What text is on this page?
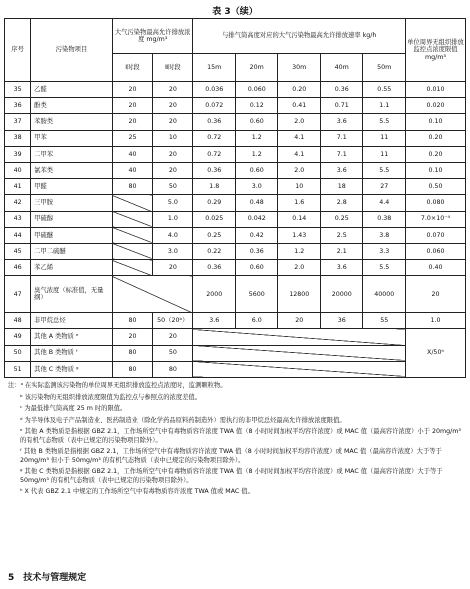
表 3（续）
序号	污染物项目	大气污染物最高允许排放浓度 mg/m³		与排气筒高度对应的大气污染物最高允许排放速率 kg/h					单位周界无组织排放监控点浓度限值 mg/m³
		Ⅰ时段	Ⅱ时段	15m	20m	30m	40m	50m	
35	乙醛	20	20	0.036	0.060	0.20	0.36	0.55	0.010
36	酚类	20	20	0.072	0.12	0.41	0.71	1.1	0.020
37	苯胺类	20	20	0.36	0.60	2.0	3.6	5.5	0.10
38	甲苯	25	10	0.72	1.2	4.1	7.1	11	0.20
39	二甲苯	40	20	0.72	1.2	4.1	7.1	11	0.20
40	氯苯类	40	20	0.36	0.60	2.0	3.6	5.5	0.10
41	甲醛	80	50	1.8	3.0	10	18	27	0.50
42	三甲胺		5.0	0.29	0.48	1.6	2.8	4.4	0.080
43	甲硫醇		1.0	0.025	0.042	0.14	0.25	0.38	7.0×10⁻⁴
44	甲硫醚		4.0	0.25	0.42	1.43	2.5	3.8	0.070
45	二甲二硫醚		3.0	0.22	0.36	1.2	2.1	3.3	0.060
46	苯乙烯		20	0.36	0.60	2.0	3.6	5.5	0.40
47	臭气浓度（标准值，无量纲）			2000	5600	12800	20000	40000	20
48	非甲烷总烃	80	50（20ᵇ）	3.6	6.0	20	36	55	1.0
49	其他 A 类物质 ᵉ	20	20						X/50ʰ
50	其他 B 类物质 ᶠ	80	50						
51	其他 C 类物质 ᵍ	80	80						

注：ᵃ 在实际监测该污染物的单位周界无组织排放监控点浓度时，监测颗粒物。

ᵇ 该污染物的无组织排放浓度限值为监控点与参照点的浓度差值。

ᶜ 为最低排气筒高度 25 m 时的限值。

ᵈ 为半导体及电子产品制造业、医药制造业（除化学药品原料药制造外）需执行的非甲烷总烃最高允许排放浓度限值。

ᵉ 其他 A 类物质是指根据 GBZ 2.1，工作场所空气中有毒物质容许浓度 TWA 值（8 小时时间加权平均容许浓度）或 MAC 值（最高容许浓度）小于 20mg/m³ 的有机气态物质（表中已规定的污染物项目除外）。

ᶠ 其他 B 类物质是指根据 GBZ 2.1，工作场所空气中有毒物质容许浓度 TWA 值（8 小时时间加权平均容许浓度）或 MAC 值（最高容许浓度）大于等于 20mg/m³ 但小于 50mg/m³ 的有机气态物质（表中已规定的污染物项目除外）。

ᵍ 其他 C 类物质是指根据 GBZ 2.1，工作场所空气中有毒物质容许浓度 TWA 值（8 小时时间加权平均容许浓度）或 MAC 值（最高容许浓度）大于等于 50mg/m³ 的有机气态物质（表中已规定的污染物项目除外）。

ʰ X 代表 GBZ 2.1 中规定的工作场所空气中有毒物质容许浓度 TWA 值或 MAC 值。

5　技术与管理规定
